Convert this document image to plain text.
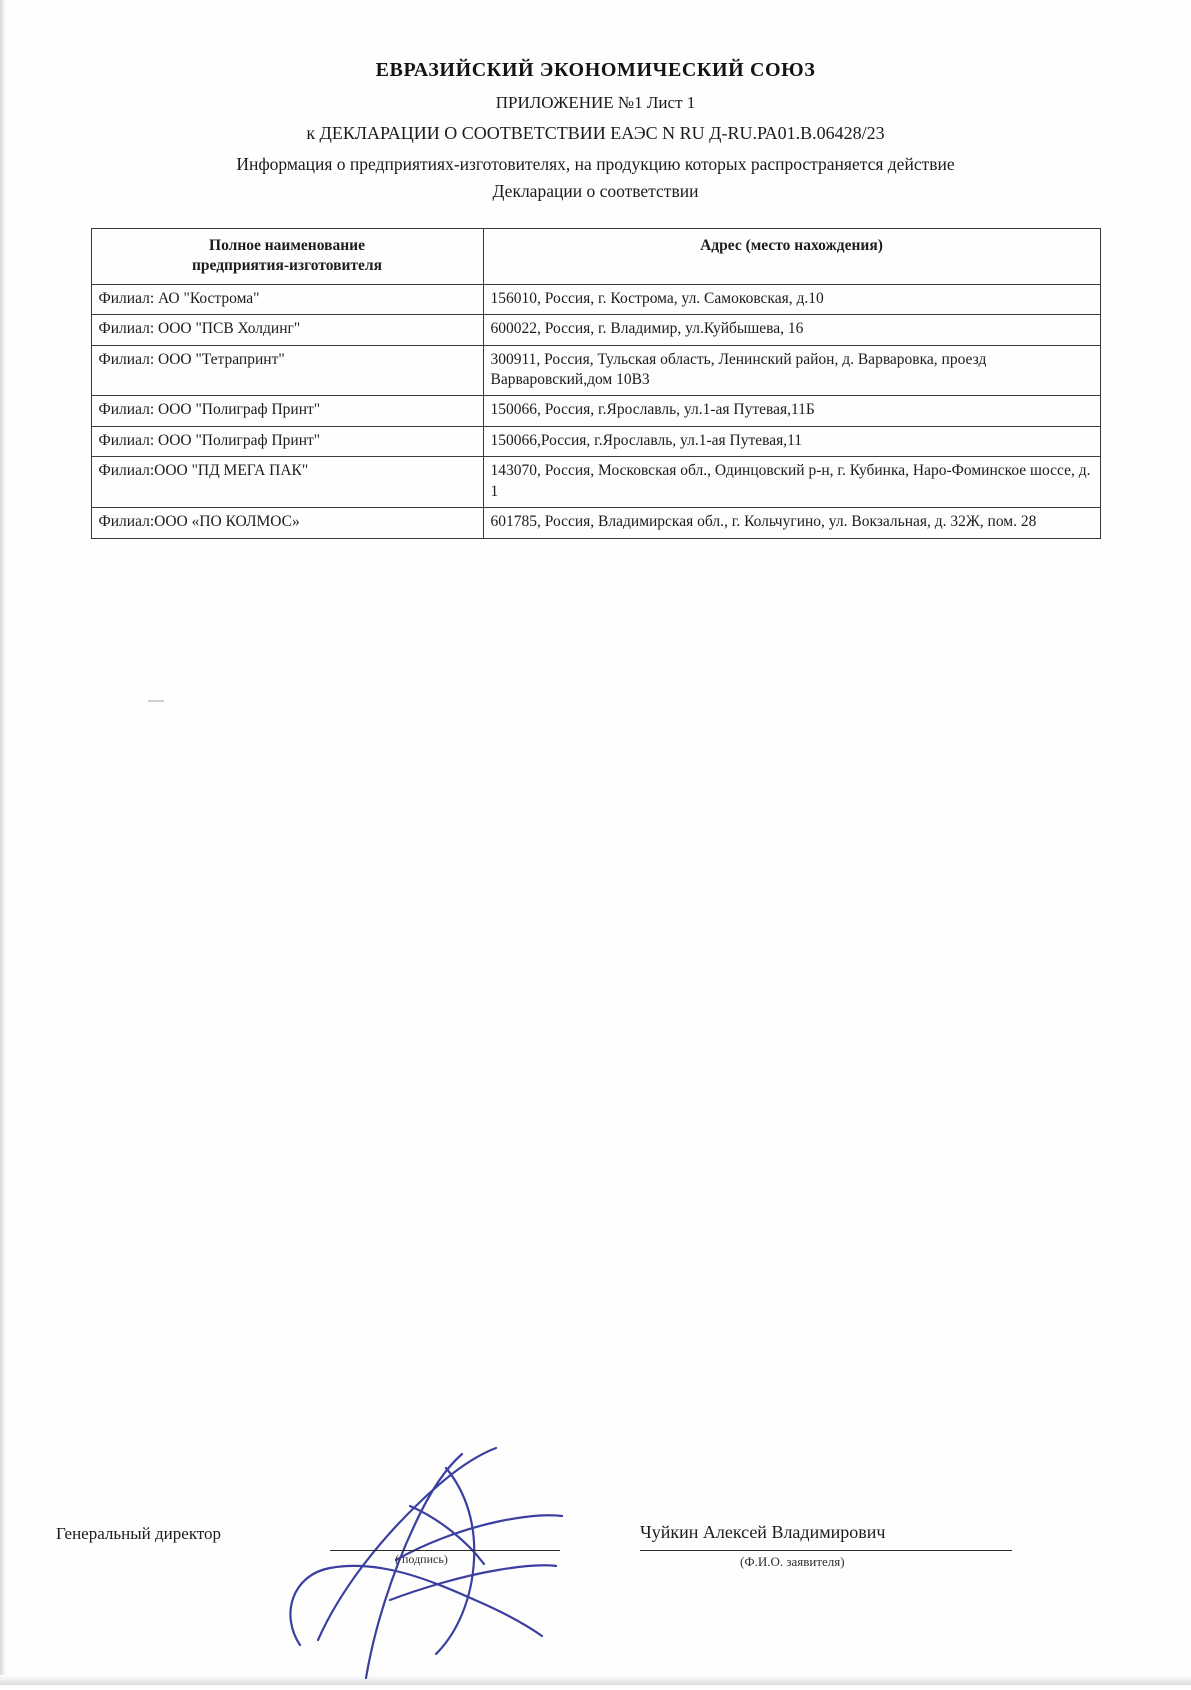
ЕВРАЗИЙСКИЙ ЭКОНОМИЧЕСКИЙ СОЮЗ
ПРИЛОЖЕНИЕ №1 Лист 1
к ДЕКЛАРАЦИИ О СООТВЕТСТВИИ ЕАЭС N RU Д-RU.РА01.В.06428/23
Информация о предприятиях-изготовителях, на продукцию которых распространяется действие
Декларации о соответствии
Полное наименование
предприятия-изготовителя	Адрес (место нахождения)
Филиал: АО "Кострома"	156010, Россия, г. Кострома, ул. Самоковская, д.10
Филиал: ООО "ПСВ Холдинг"	600022, Россия, г. Владимир, ул.Куйбышева, 16
Филиал: ООО "Тетрапринт"	300911, Россия, Тульская область, Ленинский район, д. Варваровка, проезд Варваровский,дом 10В3
Филиал: ООО "Полиграф Принт"	150066, Россия, г.Ярославль, ул.1-ая Путевая,11Б
Филиал: ООО "Полиграф Принт"	150066,Россия, г.Ярославль, ул.1-ая Путевая,11
Филиал:ООО "ПД МЕГА ПАК"	143070, Россия, Московская обл., Одинцовский р-н, г. Кубинка, Наро-Фоминское шоссе, д. 1
Филиал:ООО «ПО КОЛМОС»	601785, Россия, Владимирская обл., г. Кольчугино, ул. Вокзальная, д. 32Ж, пом. 28
Генеральный директор
( подпись)
Чуйкин Алексей Владимирович
(Ф.И.О. заявителя)
